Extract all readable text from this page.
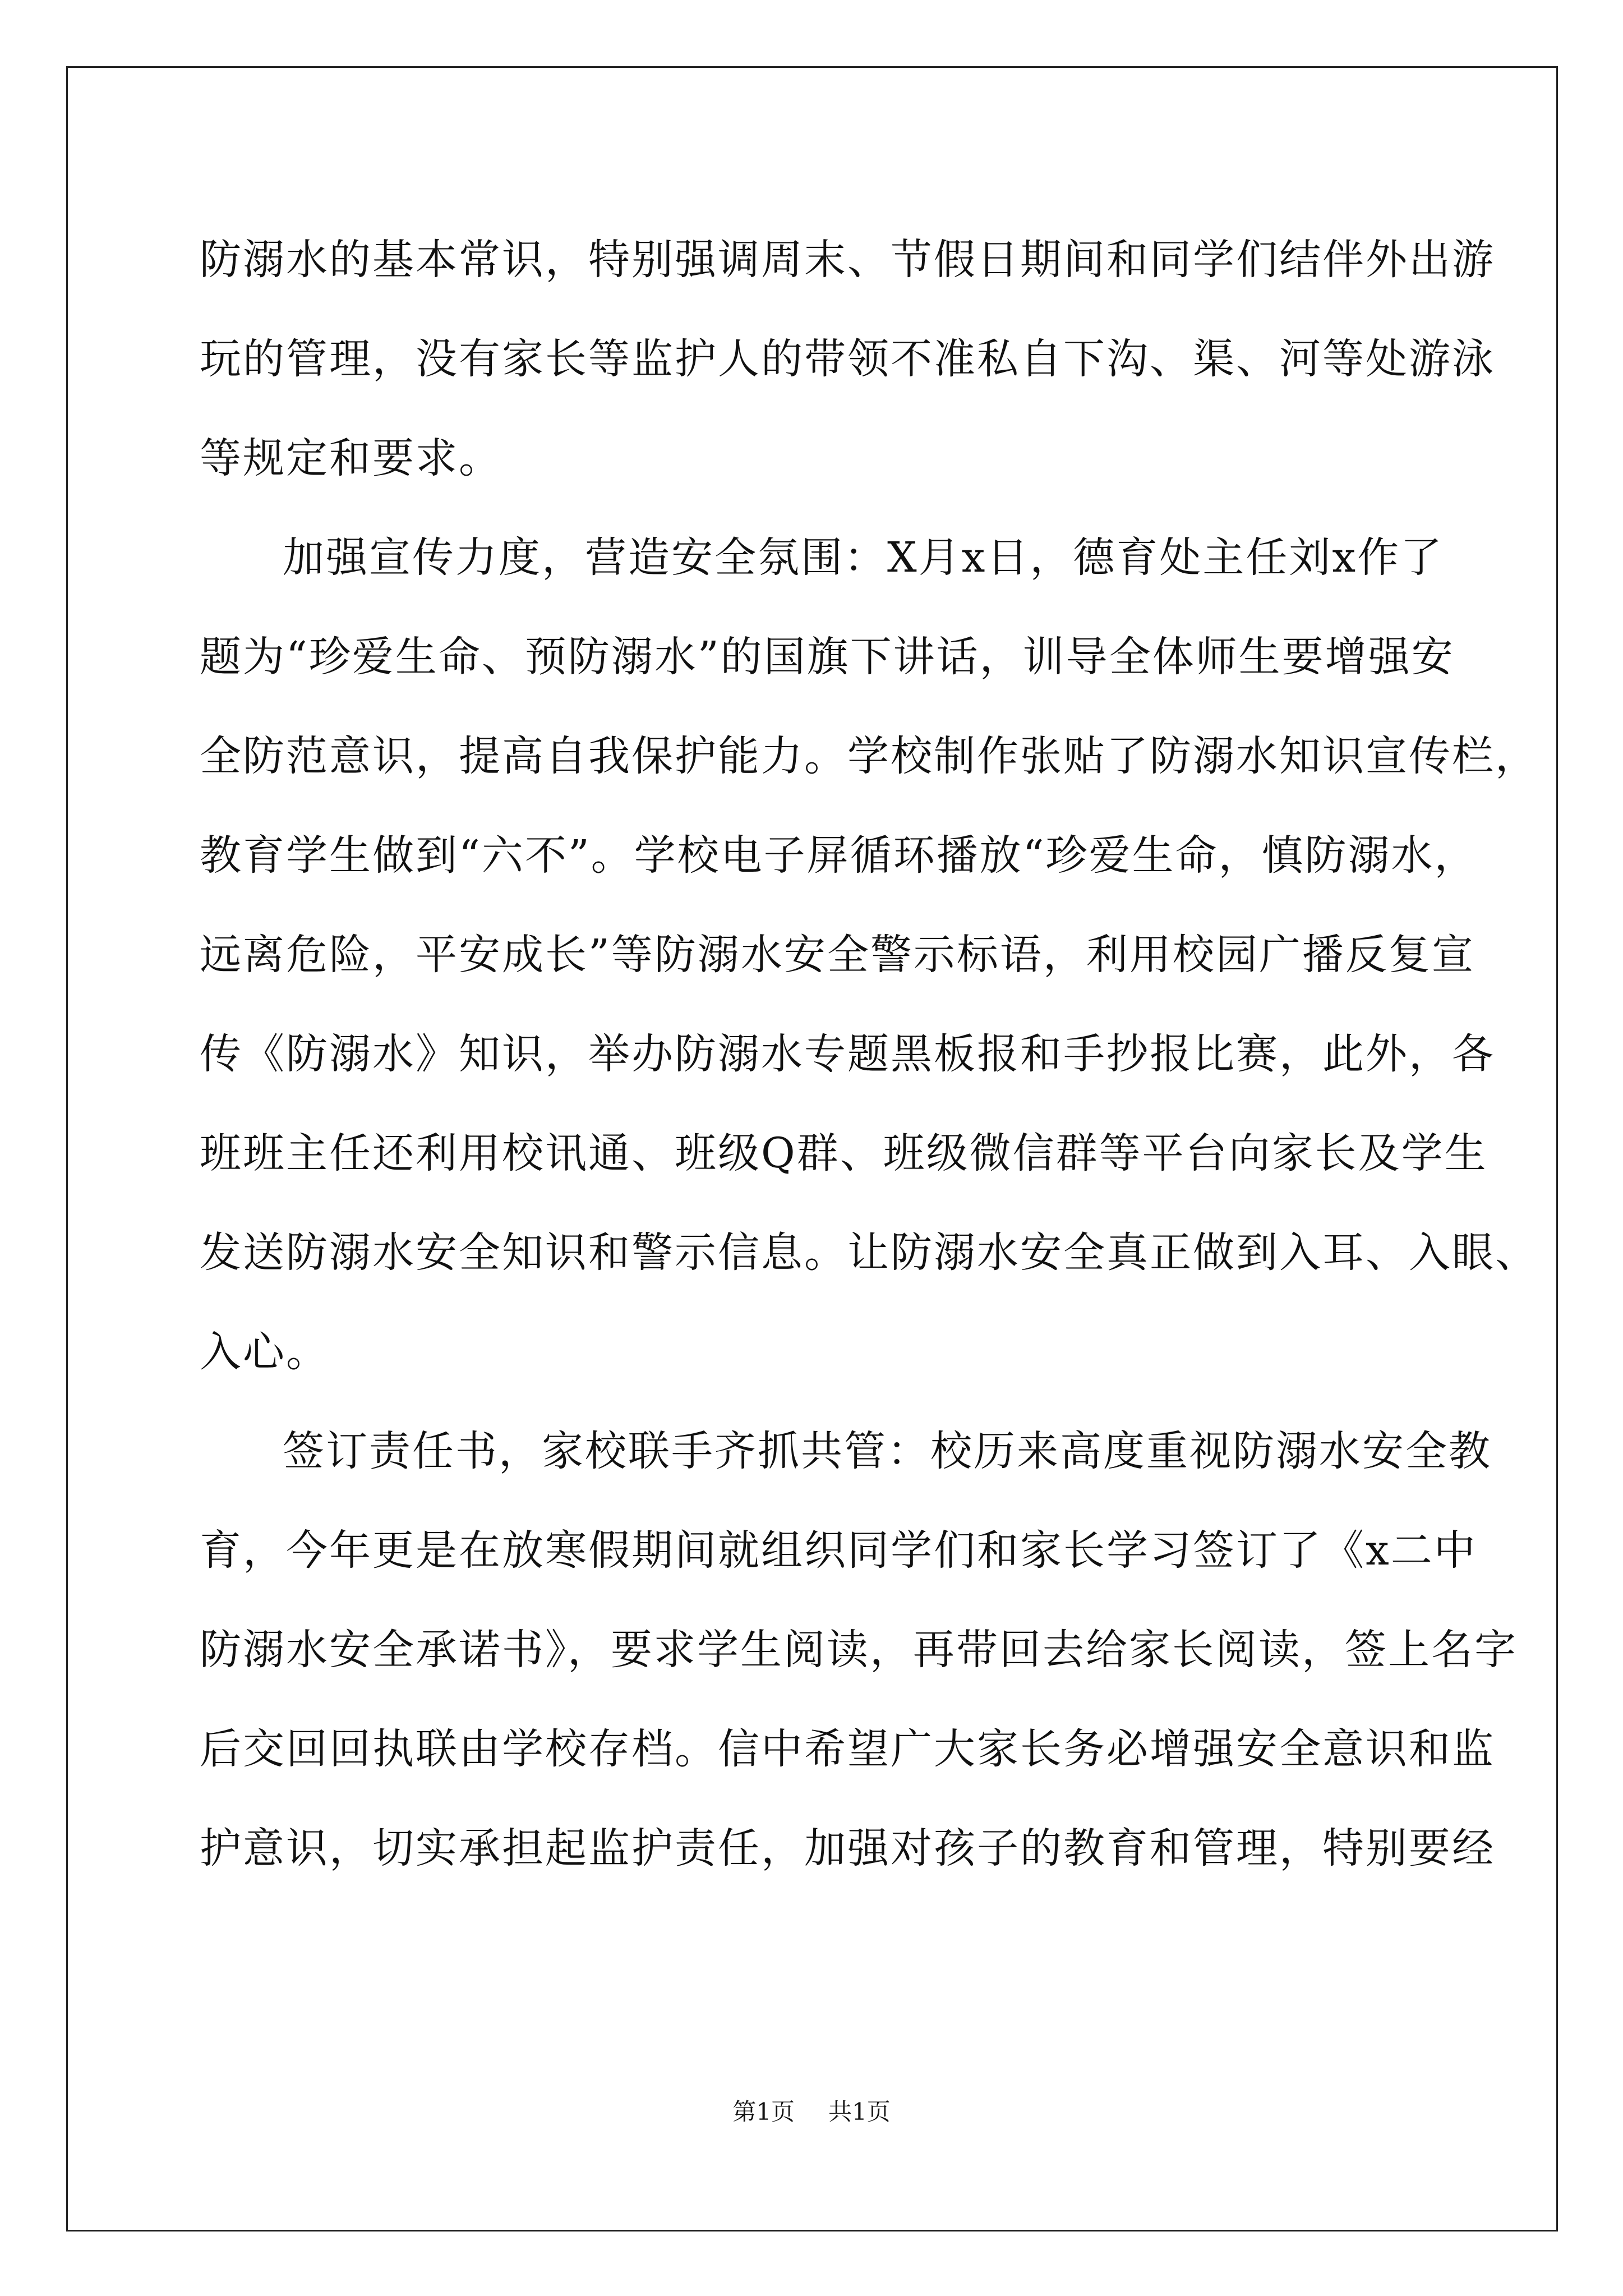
防溺水的基本常识，特别强调周末、节假日期间和同学们结伴外出游
玩的管理，没有家长等监护人的带领不准私自下沟、渠、河等处游泳
等规定和要求。
加强宣传力度，营造安全氛围：X月x日，德育处主任刘x作了
题为“珍爱生命、预防溺水”的国旗下讲话，训导全体师生要增强安
全防范意识，提高自我保护能力。学校制作张贴了防溺水知识宣传栏，
教育学生做到“六不”。学校电子屏循环播放“珍爱生命，慎防溺水，
远离危险，平安成长”等防溺水安全警示标语，利用校园广播反复宣
传《防溺水》知识，举办防溺水专题黑板报和手抄报比赛，此外，各
班班主任还利用校讯通、班级Q群、班级微信群等平台向家长及学生
发送防溺水安全知识和警示信息。让防溺水安全真正做到入耳、入眼、
入心。
签订责任书，家校联手齐抓共管：校历来高度重视防溺水安全教
育，今年更是在放寒假期间就组织同学们和家长学习签订了《x二中
防溺水安全承诺书》，要求学生阅读，再带回去给家长阅读，签上名字
后交回回执联由学校存档。信中希望广大家长务必增强安全意识和监
护意识，切实承担起监护责任，加强对孩子的教育和管理，特别要经
第1页 共1页
